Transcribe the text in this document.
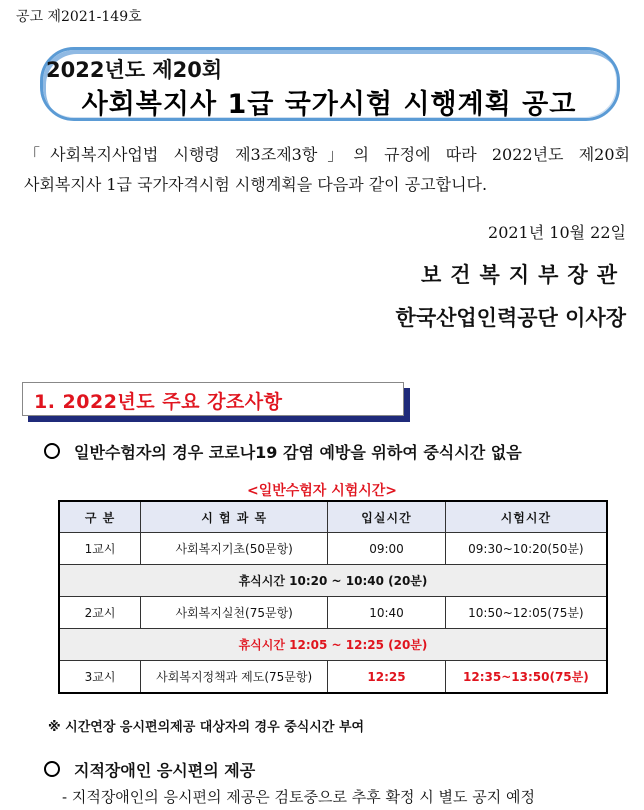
공고 제2021-149호
2022년도 제20회
사회복지사 1급 국가시험 시행계획 공고

「사회복지사업법 시행령 제3조제3항」의 규정에 따라 2022년도 제20회

사회복지사 1급 국가자격시험 시행계획을 다음과 같이 공고합니다.

2021년 10월 22일
보건복지부장관
한국산업인력공단 이사장
1. 2022년도 주요 강조사항
일반수험자의 경우 코로나19 감염 예방을 위하여 중식시간 없음
<일반수험자 시험시간>
구 분	시 험 과 목	입실시간	시험시간
1교시	사회복지기초(50문항)	09:00	09:30~10:20(50분)
휴식시간 10:20 ~ 10:40 (20분)			
2교시	사회복지실천(75문항)	10:40	10:50~12:05(75분)
휴식시간 12:05 ~ 12:25 (20분)			
3교시	사회복지정책과 제도(75문항)	12:25	12:35~13:50(75분)
※ 시간연장 응시편의제공 대상자의 경우 중식시간 부여
지적장애인 응시편의 제공
- 지적장애인의 응시편의 제공은 검토중으로 추후 확정 시 별도 공지 예정
